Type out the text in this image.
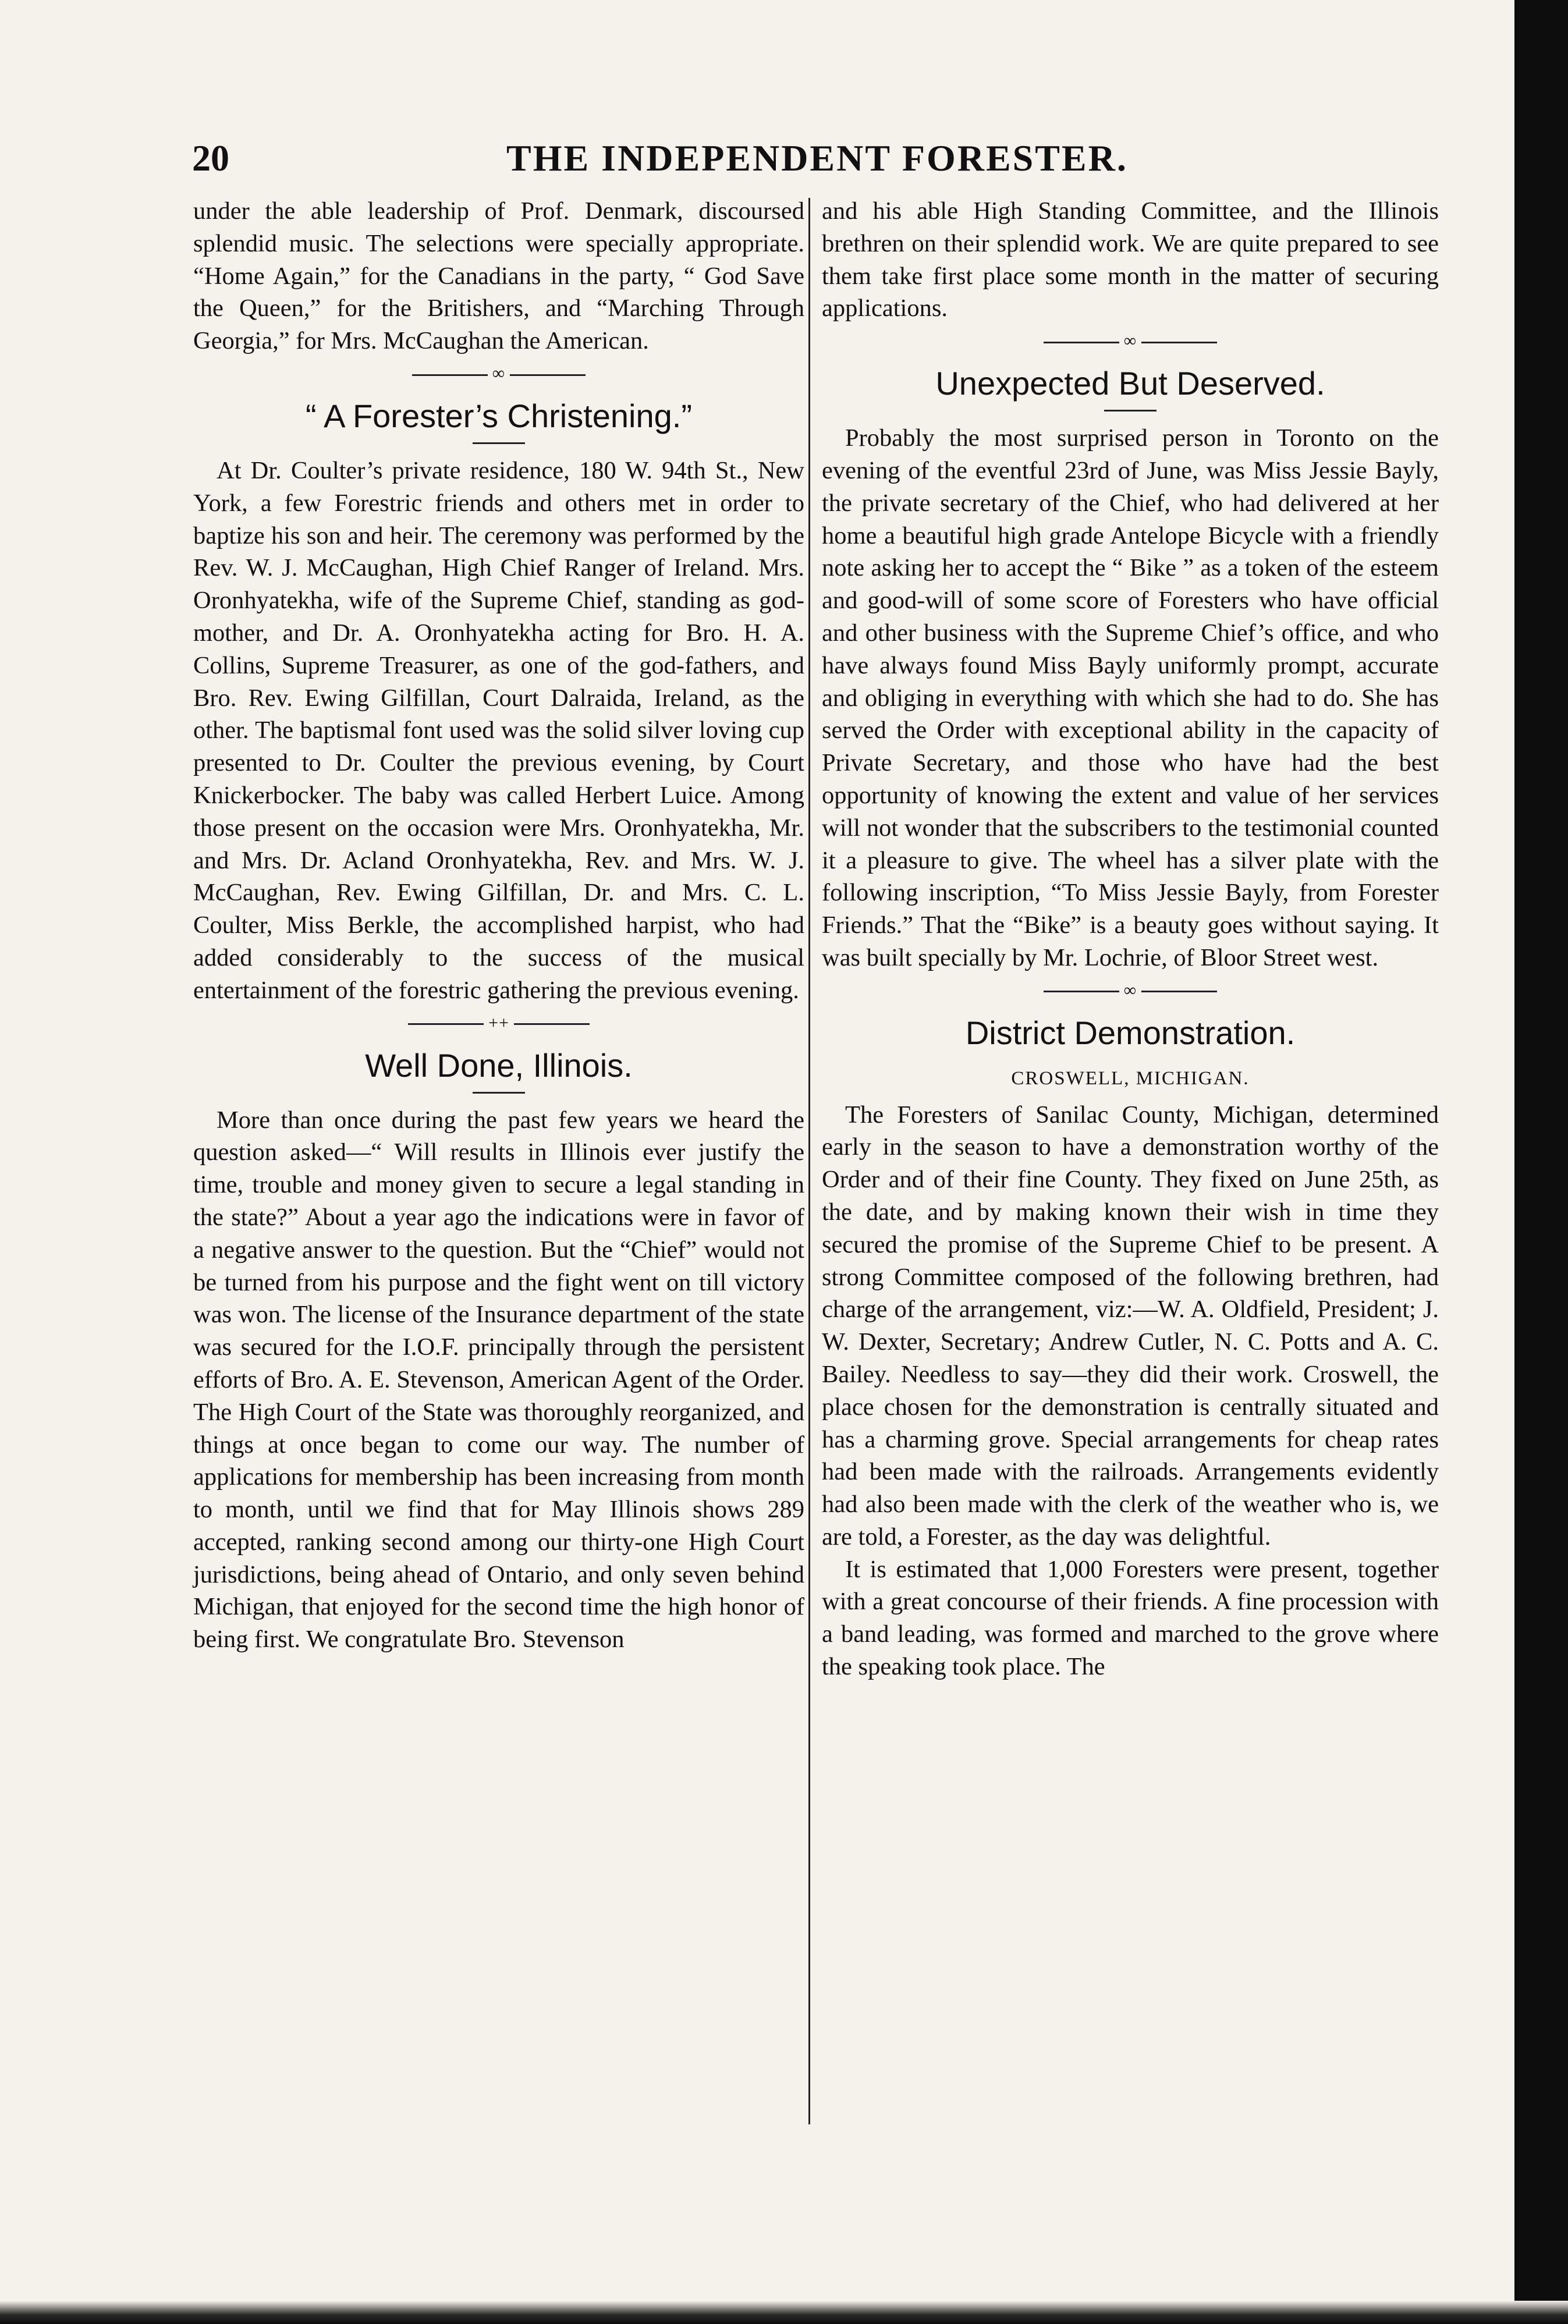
20	THE INDEPENDENT FORESTER.

under the able leadership of Prof. Denmark, discoursed splendid music. The selections were specially appropriate. “Home Again,” for the Canadians in the party, “ God Save the Queen,” for the Britishers, and “Marching Through Georgia,” for Mrs. McCaughan the American.

∞
“ A Forester’s Christening.”

At Dr. Coulter’s private residence, 180 W. 94th St., New York, a few Forestric friends and others met in order to baptize his son and heir. The ceremony was performed by the Rev. W. J. McCaughan, High Chief Ranger of Ireland. Mrs. Oronhyatekha, wife of the Supreme Chief, standing as god-mother, and Dr. A. Oronhyatekha acting for Bro. H. A. Collins, Supreme Treasurer, as one of the god-fathers, and Bro. Rev. Ewing Gilfillan, Court Dalraida, Ireland, as the other. The baptismal font used was the solid silver loving cup presented to Dr. Coulter the previous evening, by Court Knickerbocker. The baby was called Herbert Luice. Among those present on the occasion were Mrs. Oronhyatekha, Mr. and Mrs. Dr. Acland Oronhyatekha, Rev. and Mrs. W. J. McCaughan, Rev. Ewing Gilfillan, Dr. and Mrs. C. L. Coulter, Miss Berkle, the accomplished harpist, who had added considerably to the success of the musical entertainment of the forestric gathering the previous evening.

++
Well Done, Illinois.

More than once during the past few years we heard the question asked—“ Will results in Illinois ever justify the time, trouble and money given to secure a legal standing in the state?” About a year ago the indications were in favor of a negative answer to the question. But the “Chief” would not be turned from his purpose and the fight went on till victory was won. The license of the Insurance department of the state was secured for the I.O.F. principally through the persistent efforts of Bro. A. E. Stevenson, American Agent of the Order. The High Court of the State was thoroughly reorganized, and things at once began to come our way. The number of applications for membership has been increasing from month to month, until we find that for May Illinois shows 289 accepted, ranking second among our thirty-one High Court jurisdictions, being ahead of Ontario, and only seven behind Michigan, that enjoyed for the second time the high honor of being first. We congratulate Bro. Stevenson

and his able High Standing Committee, and the Illinois brethren on their splendid work. We are quite prepared to see them take first place some month in the matter of securing applications.

∞
Unexpected But Deserved.

Probably the most surprised person in Toronto on the evening of the eventful 23rd of June, was Miss Jessie Bayly, the private secretary of the Chief, who had delivered at her home a beautiful high grade Antelope Bicycle with a friendly note asking her to accept the “ Bike ” as a token of the esteem and good-will of some score of Foresters who have official and other business with the Supreme Chief’s office, and who have always found Miss Bayly uniformly prompt, accurate and obliging in everything with which she had to do. She has served the Order with exceptional ability in the capacity of Private Secretary, and those who have had the best opportunity of knowing the extent and value of her services will not wonder that the subscribers to the testimonial counted it a pleasure to give. The wheel has a silver plate with the following inscription, “To Miss Jessie Bayly, from Forester Friends.” That the “Bike” is a beauty goes without saying. It was built specially by Mr. Lochrie, of Bloor Street west.

∞
District Demonstration.
CROSWELL, MICHIGAN.

The Foresters of Sanilac County, Michigan, determined early in the season to have a demonstration worthy of the Order and of their fine County. They fixed on June 25th, as the date, and by making known their wish in time they secured the promise of the Supreme Chief to be present. A strong Committee composed of the following brethren, had charge of the arrangement, viz:—W. A. Oldfield, President; J. W. Dexter, Secretary; Andrew Cutler, N. C. Potts and A. C. Bailey. Needless to say—they did their work. Croswell, the place chosen for the demonstration is centrally situated and has a charming grove. Special arrangements for cheap rates had been made with the railroads. Arrangements evidently had also been made with the clerk of the weather who is, we are told, a Forester, as the day was delightful.

It is estimated that 1,000 Foresters were present, together with a great concourse of their friends. A fine procession with a band leading, was formed and marched to the grove where the speaking took place. The
